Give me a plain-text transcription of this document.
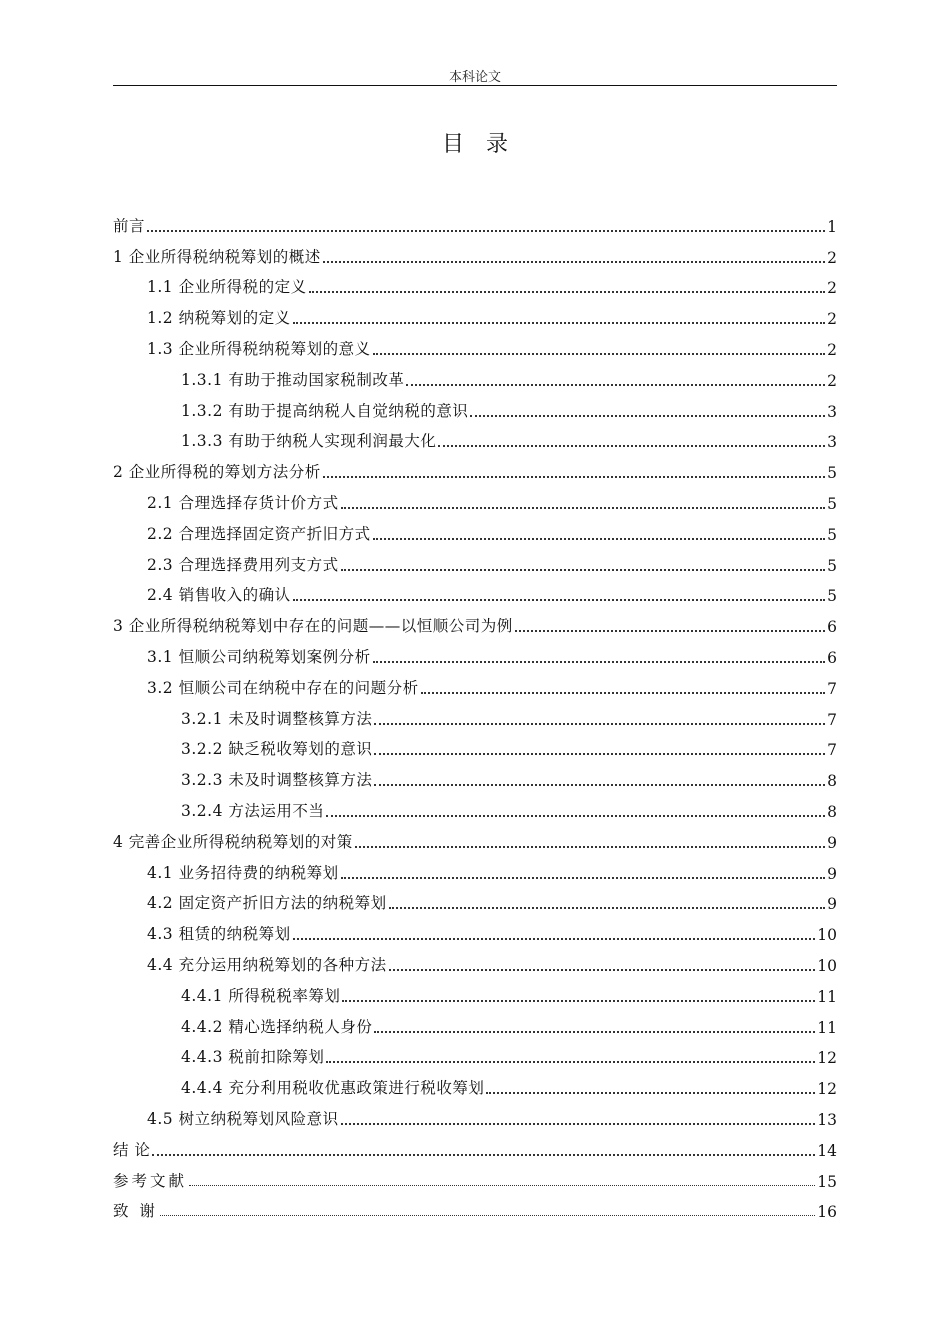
本科论文
目录
前言	1
1 企业所得税纳税筹划的概述	2
1.1 企业所得税的定义	2
1.2 纳税筹划的定义	2
1.3 企业所得税纳税筹划的意义	2
1.3.1 有助于推动国家税制改革	2
1.3.2 有助于提高纳税人自觉纳税的意识	3
1.3.3 有助于纳税人实现利润最大化	3
2 企业所得税的筹划方法分析	5
2.1 合理选择存货计价方式	5
2.2 合理选择固定资产折旧方式	5
2.3 合理选择费用列支方式	5
2.4 销售收入的确认	5
3 企业所得税纳税筹划中存在的问题——以恒顺公司为例	6
3.1 恒顺公司纳税筹划案例分析	6
3.2 恒顺公司在纳税中存在的问题分析	7
3.2.1 未及时调整核算方法	7
3.2.2 缺乏税收筹划的意识	7
3.2.3 未及时调整核算方法	8
3.2.4 方法运用不当	8
4 完善企业所得税纳税筹划的对策	9
4.1 业务招待费的纳税筹划	9
4.2 固定资产折旧方法的纳税筹划	9
4.3 租赁的纳税筹划	10
4.4 充分运用纳税筹划的各种方法	10
4.4.1 所得税税率筹划	11
4.4.2 精心选择纳税人身份	11
4.4.3 税前扣除筹划	12
4.4.4 充分利用税收优惠政策进行税收筹划	12
4.5 树立纳税筹划风险意识	13
结 论	14
参考文献	15
致 谢	16
